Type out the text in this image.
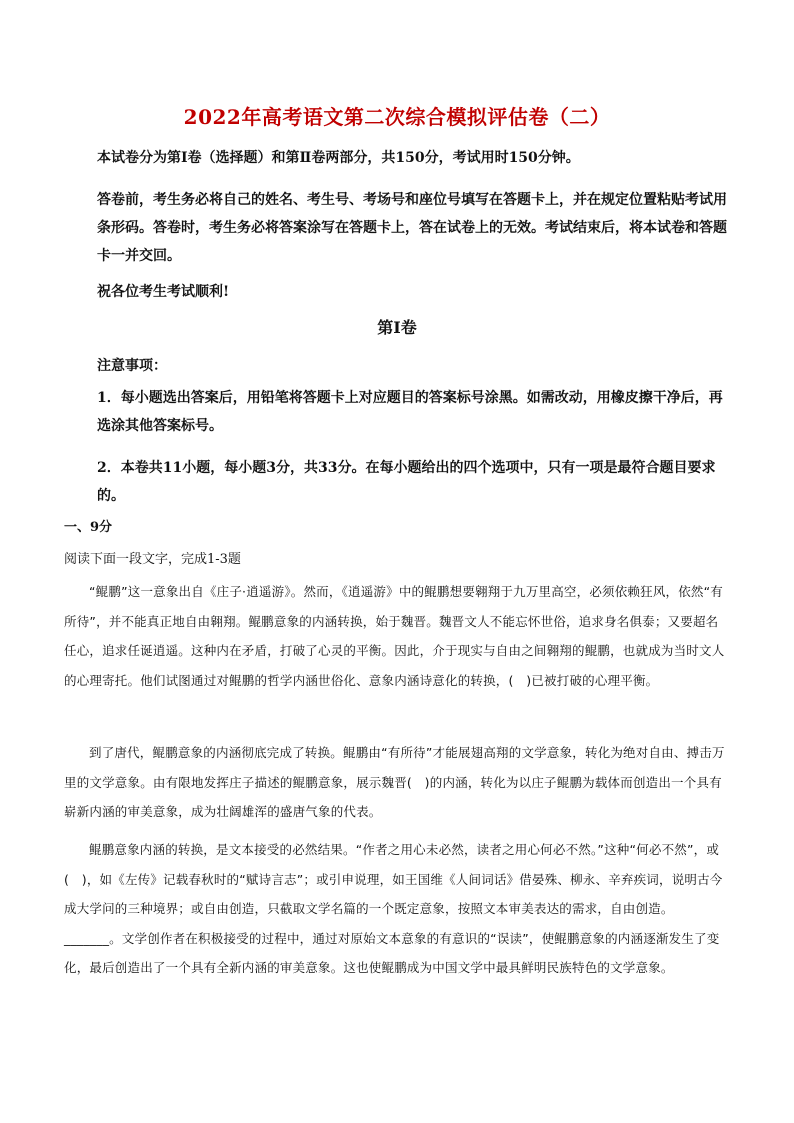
2022年高考语文第二次综合模拟评估卷（二）

本试卷分为第Ⅰ卷（选择题）和第Ⅱ卷两部分，共150分，考试用时150分钟。

答卷前，考生务必将自己的姓名、考生号、考场号和座位号填写在答题卡上，并在规定位置粘贴考试用条形码。答卷时，考生务必将答案涂写在答题卡上，答在试卷上的无效。考试结束后，将本试卷和答题卡一并交回。

祝各位考生考试顺利!

第Ⅰ卷

注意事项：

1．每小题选出答案后，用铅笔将答题卡上对应题目的答案标号涂黑。如需改动，用橡皮擦干净后，再选涂其他答案标号。

2．本卷共11小题，每小题3分，共33分。在每小题给出的四个选项中，只有一项是最符合题目要求的。

一、9分
阅读下面一段文字，完成1-3题

“鲲鹏”这一意象出自《庄子·逍遥游》。然而，《逍遥游》中的鲲鹏想要翱翔于九万里高空，必须依赖狂风，依然“有所待”，并不能真正地自由翱翔。鲲鹏意象的内涵转换，始于魏晋。魏晋文人不能忘怀世俗，追求身名俱泰；又要超名任心，追求任诞逍遥。这种内在矛盾，打破了心灵的平衡。因此，介于现实与自由之间翱翔的鲲鹏，也就成为当时文人的心理寄托。他们试图通过对鲲鹏的哲学内涵世俗化、意象内涵诗意化的转换，(　)已被打破的心理平衡。

到了唐代，鲲鹏意象的内涵彻底完成了转换。鲲鹏由“有所待”才能展翅高翔的文学意象，转化为绝对自由、搏击万里的文学意象。由有限地发挥庄子描述的鲲鹏意象，展示魏晋(　)的内涵，转化为以庄子鲲鹏为载体而创造出一个具有崭新内涵的审美意象，成为壮阔雄浑的盛唐气象的代表。

鲲鹏意象内涵的转换，是文本接受的必然结果。“作者之用心未必然，读者之用心何必不然。”这种“何必不然”，或(　)，如《左传》记载春秋时的“赋诗言志”；或引申说理，如王国维《人间词话》借晏殊、柳永、辛弃疾词，说明古今成大学问的三种境界；或自由创造，只截取文学名篇的一个既定意象，按照文本审美表达的需求，自由创造。_______。文学创作者在积极接受的过程中，通过对原始文本意象的有意识的“误读”，使鲲鹏意象的内涵逐渐发生了变化，最后创造出了一个具有全新内涵的审美意象。这也使鲲鹏成为中国文学中最具鲜明民族特色的文学意象。
